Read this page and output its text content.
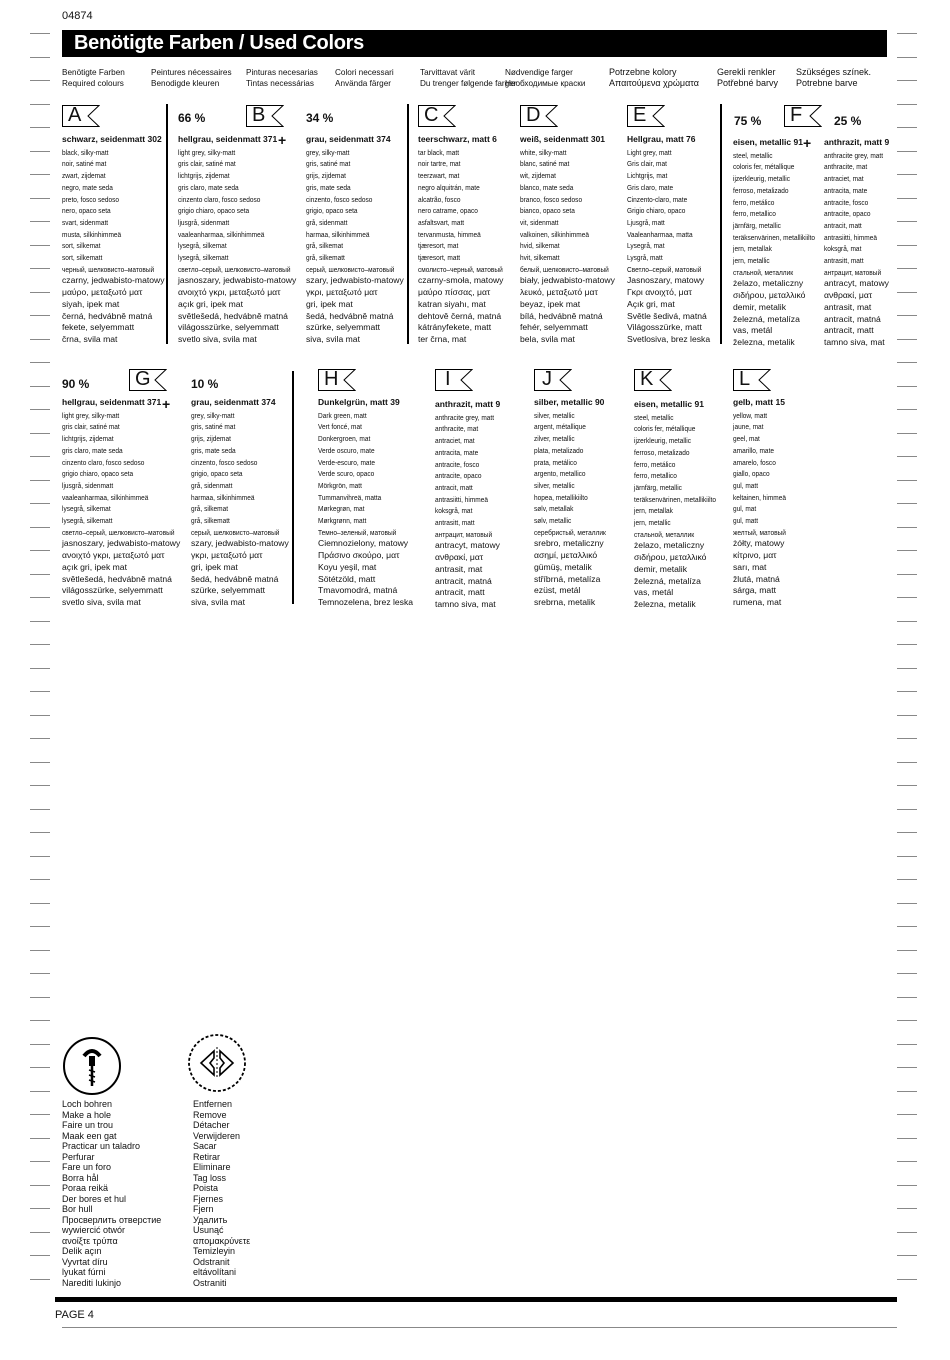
04874
Benötigte Farben / Used Colors
Benötigte Farben
Required colours
Peintures nécessaires
Benodigde kleuren
Pinturas necesarias
Tintas necessárias
Colori necessari
Använda färger
Tarvittavat värit
Du trenger følgende farger
Nødvendige farger
Необходимые краски
Potrzebne kolory
Απαιτούμενα χρώματα
Gerekli renkler
Potřebné barvy
Szükséges színek.
Potrebne barve
A
schwarz, seidenmatt 302
black, silky-matt
noir, satiné mat
zwart, zijdemat
negro, mate seda
preto, fosco sedoso
nero, opaco seta
svart, sidenmatt
musta, silkinhimmeä
sort, silkemat
sort, silkematt
черный, шелковисто–матовый
czarny, jedwabisto-matowy
μαύρο, μεταξωτό ματ
siyah, ipek mat
černá, hedvábně matná
fekete, selyemmatt
črna, svila mat
66 % B	34 %
+
hellgrau, seidenmatt 371
light grey, silky-matt
gris clair, satiné mat
lichtgrijs, zijdemat
gris claro, mate seda
cinzento claro, fosco sedoso
grigio chiaro, opaco seta
ljusgrå, sidenmatt
vaaleanharmaa, silkinhimmeä
lysegrå, silkemat
lysegrå, silkematt
светло–серый, шелковисто–матовый
jasnoszary, jedwabisto-matowy
ανοιχτό γκρι, μεταξωτό ματ
açık gri, ipek mat
světlešedá, hedvábně matná
világosszürke, selyemmatt
svetlo siva, svila mat
grau, seidenmatt 374
grey, silky-matt
gris, satiné mat
grijs, zijdemat
gris, mate seda
cinzento, fosco sedoso
grigio, opaco seta
grå, sidenmatt
harmaa, silkinhimmeä
grå, silkemat
grå, silkematt
серый, шелковисто–матовый
szary, jedwabisto-matowy
γκρι, μεταξωτό ματ
gri, ipek mat
šedá, hedvábně matná
szürke, selyemmatt
siva, svila mat
C
teerschwarz, matt 6
tar black, matt
noir tartre, mat
teerzwart, mat
negro alquitrán, mate
alcatrão, fosco
nero catrame, opaco
asfaltsvart, matt
tervanmusta, himmeä
tjæresort, mat
tjæresort, matt
смолисто–черный, матовый
czarny-smoła, matowy
μαύρο πίσσας, ματ
katran siyahı, mat
dehtově černá, matná
kátrányfekete, matt
ter črna, mat
D
weiß, seidenmatt 301
white, silky-matt
blanc, satiné mat
wit, zijdemat
blanco, mate seda
branco, fosco sedoso
bianco, opaco seta
vit, sidenmatt
valkoinen, silkinhimmeä
hvid, silkemat
hvit, silkematt
белый, шелковисто–матовый
biały, jedwabisto-matowy
λευκό, μεταξωτό ματ
beyaz, ipek mat
bílá, hedvábně matná
fehér, selyemmatt
bela, svila mat
E
Hellgrau, matt 76
Light grey, matt
Gris clair, mat
Lichtgrijs, mat
Gris claro, mate
Cinzento-claro, mate
Grigio chiaro, opaco
Ljusgrå, matt
Vaaleanharmaa, matta
Lysegrå, mat
Lysgrå, matt
Светло–серый, матовый
Jasnoszary, matowy
Γκρι ανοιχτό, ματ
Açık gri, mat
Světle šedivá, matná
Világosszürke, matt
Svetlosiva, brez leska
75 % F	25 %
+
eisen, metallic 91
steel, metallic
coloris fer, métallique
ijzerkleurig, metallic
ferroso, metalizado
ferro, metálico
ferro, metallico
järnfärg, metallic
teräksenvärinen, metallikiilto
jern, metallak
jern, metallic
стальной, металлик
żelazo, metaliczny
σιδήρου, μεταλλικό
demir, metalik
železná, metalíza
vas, metál
železna, metalik
anthrazit, matt 9
anthracite grey, matt
anthracite, mat
antraciet, mat
antracita, mate
antracite, fosco
antracite, opaco
antracit, matt
antrasiitti, himmeä
koksgrå, mat
antrasitt, matt
антрацит, матовый
antracyt, matowy
ανθρακί, ματ
antrasit, mat
antracit, matná
antracit, matt
tamno siva, mat
90 % G	10 %
+
hellgrau, seidenmatt 371
light grey, silky-matt
gris clair, satiné mat
lichtgrijs, zijdemat
gris claro, mate seda
cinzento claro, fosco sedoso
grigio chiaro, opaco seta
ljusgrå, sidenmatt
vaaleanharmaa, silkinhimmeä
lysegrå, silkemat
lysegrå, silkematt
светло–серый, шелковисто–матовый
jasnoszary, jedwabisto-matowy
ανοιχτό γκρι, μεταξωτό ματ
açık gri, ipek mat
světlešedá, hedvábně matná
világosszürke, selyemmatt
svetlo siva, svila mat
grau, seidenmatt 374
grey, silky-matt
gris, satiné mat
grijs, zijdemat
gris, mate seda
cinzento, fosco sedoso
grigio, opaco seta
grå, sidenmatt
harmaa, silkinhimmeä
grå, silkemat
grå, silkematt
серый, шелковисто–матовый
szary, jedwabisto-matowy
γκρι, μεταξωτό ματ
gri, ipek mat
šedá, hedvábně matná
szürke, selyemmatt
siva, svila mat
H
Dunkelgrün, matt 39
Dark green, matt
Vert foncé, mat
Donkergroen, mat
Verde oscuro, mate
Verde-escuro, mate
Verde scuro, opaco
Mörkgrön, matt
Tummanvihreä, matta
Mørkegrøn, mat
Mørkgrønn, matt
Темно–зеленый, матовый
Ciemnozielony, matowy
Πράσινο σκούρο, ματ
Koyu yeşil, mat
Sötétzöld, matt
Tmavomodrá, matná
Temnozelena, brez leska
I
anthrazit, matt 9
anthracite grey, matt
anthracite, mat
antraciet, mat
antracita, mate
antracite, fosco
antracite, opaco
antracit, matt
antrasiitti, himmeä
koksgrå, mat
antrasitt, matt
антрацит, матовый
antracyt, matowy
ανθρακί, ματ
antrasit, mat
antracit, matná
antracit, matt
tamno siva, mat
J
silber, metallic 90
silver, metallic
argent, métallique
zilver, metallic
plata, metalizado
prata, metálico
argento, metallico
silver, metallic
hopea, metallikiilto
sølv, metallak
sølv, metallic
серебристый, металлик
srebro, metaliczny
ασημί, μεταλλικό
gümüş, metalik
stříbrná, metalíza
ezüst, metál
srebrna, metalik
K
eisen, metallic 91
steel, metallic
coloris fer, métallique
ijzerkleurig, metallic
ferroso, metalizado
ferro, metálico
ferro, metallico
järnfärg, metallic
teräksenvärinen, metallikiilto
jern, metallak
jern, metallic
стальной, металлик
żelazo, metaliczny
σιδήρου, μεταλλικό
demir, metalik
železná, metalíza
vas, metál
železna, metalik
L
gelb, matt 15
yellow, matt
jaune, mat
geel, mat
amarillo, mate
amarelo, fosco
giallo, opaco
gul, matt
keltainen, himmeä
gul, mat
gul, matt
желтый, матовый
żółty, matowy
κίτρινο, ματ
sarı, mat
žlutá, matná
sárga, matt
rumena, mat
Loch bohren
Make a hole
Faire un trou
Maak een gat
Practicar un taladro
Perfurar
Fare un foro
Borra hål
Poraa reikä
Der bores et hul
Bor hull
Просверлить отверстие
wywiercić otwór
ανοίξτε τρύπα
Delik açın
Vyvrtat díru
lyukat fúrni
Narediti lukinjo
Entfernen
Remove
Détacher
Verwijderen
Sacar
Retirar
Eliminare
Tag loss
Poista
Fjernes
Fjern
Удалить
Usunąć
απομακρύνετε
Temizleyin
Odstranit
eltávolítani
Ostraniti
PAGE 4
